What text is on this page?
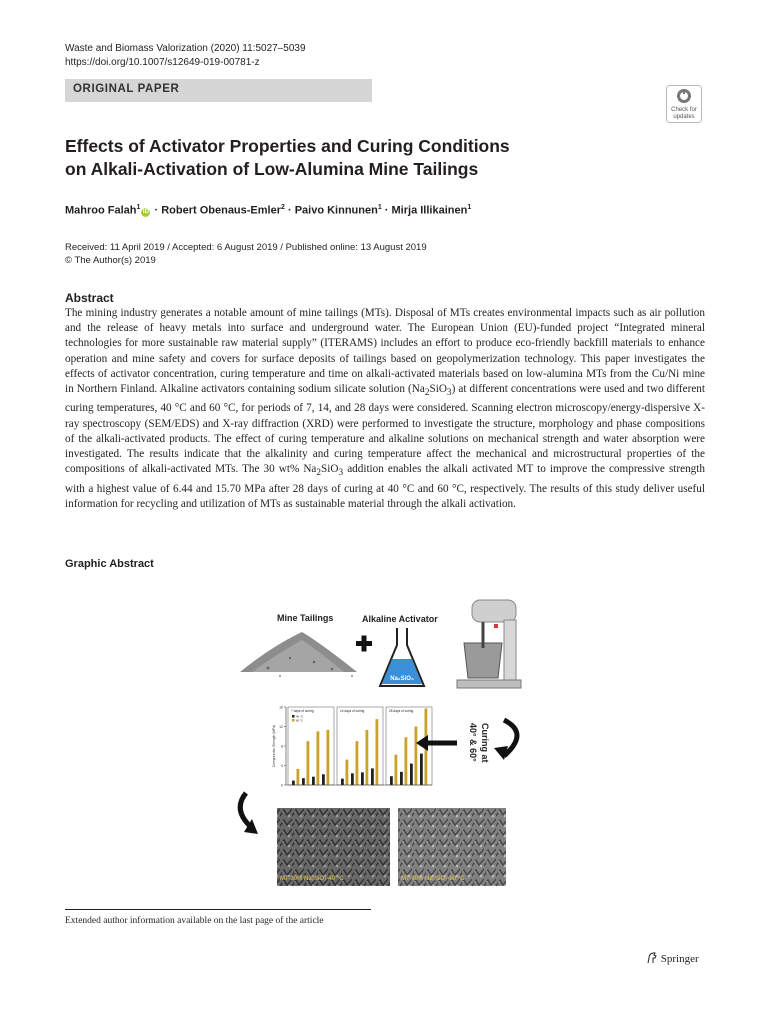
Waste and Biomass Valorization (2020) 11:5027–5039
https://doi.org/10.1007/s12649-019-00781-z
ORIGINAL PAPER
Check for
updates
Effects of Activator Properties and Curing Conditions
on Alkali-Activation of Low-Alumina Mine Tailings
Mahroo Falah$^1$iD · Robert Obenaus-Emler$^2$ · Paivo Kinnunen$^1$ · Mirja Illikainen$^1$
Received: 11 April 2019 / Accepted: 6 August 2019 / Published online: 13 August 2019
© The Author(s) 2019
Abstract
The mining industry generates a notable amount of mine tailings (MTs). Disposal of MTs creates environmental impacts such as air pollution and the release of heavy metals into surface and underground water. The European Union (EU)-funded project “Integrated mineral technologies for more sustainable raw material supply” (ITERAMS) includes an effort to produce eco-friendly backfill materials to enhance operation and mine safety and covers for surface deposits of tailings based on geopolymerization technology. This paper investigates the effects of activator concentration, curing temperature and time on alkali-activated materials based on low-alumina MTs from the Cu/Ni mine in Northern Finland. Alkaline activators containing sodium silicate solution $(Na_2SiO_3)$ at different concentrations were used and two different curing temperatures, 40 °C and 60 °C, for periods of 7, 14, and 28 days were considered. Scanning electron microscopy/energy-dispersive X-ray spectroscopy (SEM/EDS) and X-ray diffraction (XRD) were performed to investigate the structure, morphology and phase compositions of the alkali-activated products. The effect of curing temperature and alkaline solutions on mechanical strength and water absorption were investigated. The results indicate that the alkalinity and curing temperature affect the mechanical and microstructural properties of the compositions of alkali-activated MTs. The 30 wt% $Na_2SiO_3$ addition enables the alkali activated MT to improve the compressive strength with a highest value of 6.44 and 15.70 MPa after 28 days of curing at 40 °C and 60 °C, respectively. The results of this study deliver useful information for recycling and utilization of MTs as sustainable material through the alkali activation.
Graphic Abstract
Mine Tailings	Alkaline Activator
Na₂SiO₃
0
4
8
12
16
Compressive Strength (MPa)
7 days of curing
40 °C
60 °C
14 days of curing	28 days of curing
Curing at
40° & 60°
MT-30% Na₂SiO₃-40 °C	MT-30% Na₂SiO₃-60 °C
Extended author information available on the last page of the article
Springer
